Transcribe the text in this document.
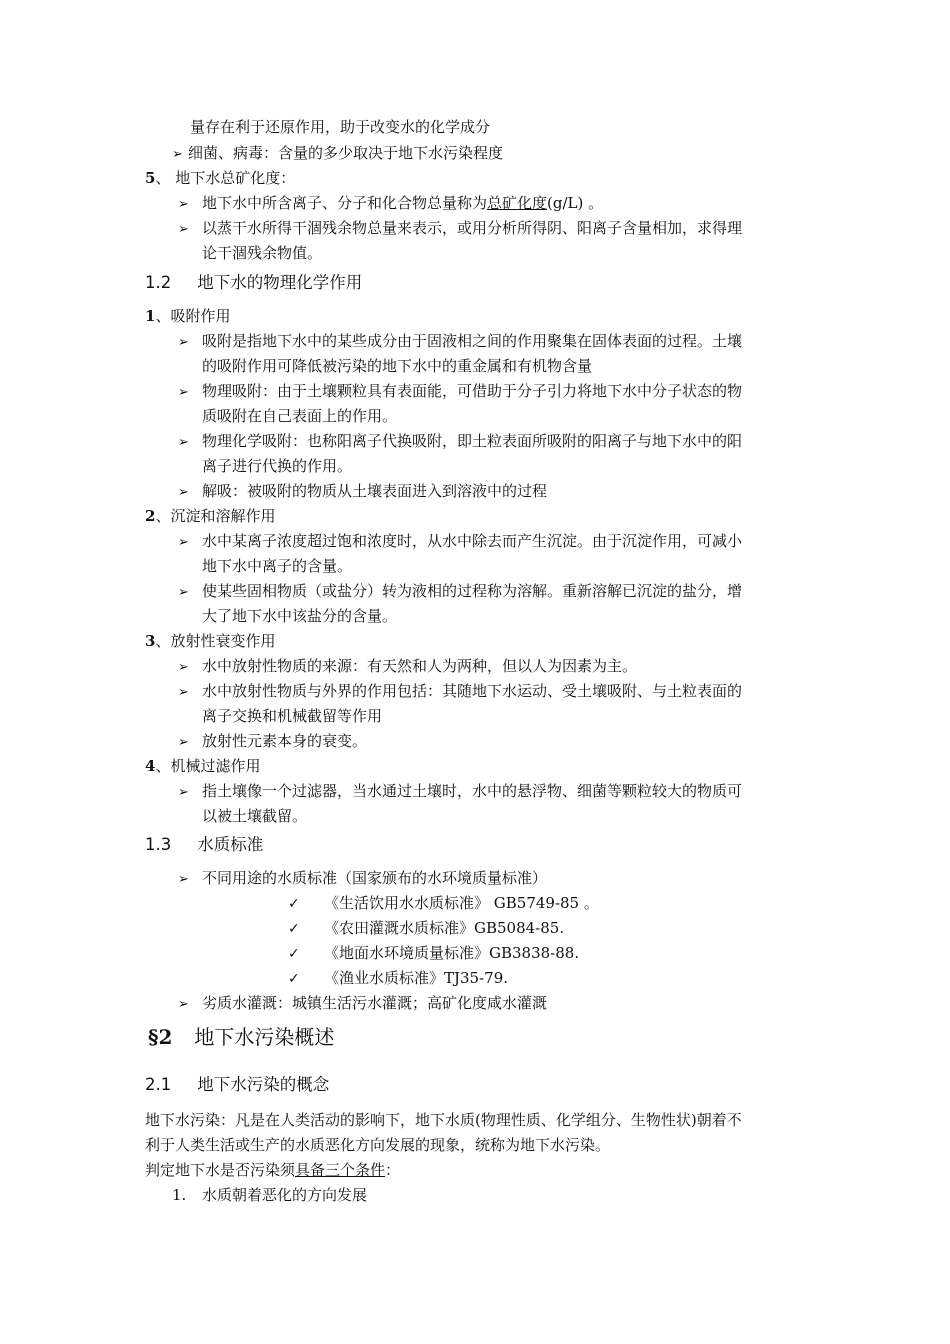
量存在利于还原作用，助于改变水的化学成分
➢ 细菌、病毒：含量的多少取决于地下水污染程度
5、 地下水总矿化度：
➢ 地下水中所含离子、分子和化合物总量称为总矿化度(g/L) 。
➢ 以蒸干水所得干涸残余物总量来表示，或用分析所得阴、阳离子含量相加，求得理
论干涸残余物值。
1.2 地下水的物理化学作用
1、吸附作用
➢ 吸附是指地下水中的某些成分由于固液相之间的作用聚集在固体表面的过程。土壤
的吸附作用可降低被污染的地下水中的重金属和有机物含量
➢ 物理吸附：由于土壤颗粒具有表面能，可借助于分子引力将地下水中分子状态的物
质吸附在自己表面上的作用。
➢ 物理化学吸附：也称阳离子代换吸附，即土粒表面所吸附的阳离子与地下水中的阳
离子进行代换的作用。
➢ 解吸：被吸附的物质从土壤表面进入到溶液中的过程
2、沉淀和溶解作用
➢ 水中某离子浓度超过饱和浓度时，从水中除去而产生沉淀。由于沉淀作用，可减小
地下水中离子的含量。
➢ 使某些固相物质（或盐分）转为液相的过程称为溶解。重新溶解已沉淀的盐分，增
大了地下水中该盐分的含量。
3、放射性衰变作用
➢ 水中放射性物质的来源：有天然和人为两种，但以人为因素为主。
➢ 水中放射性物质与外界的作用包括：其随地下水运动、受土壤吸附、与土粒表面的
离子交换和机械截留等作用
➢ 放射性元素本身的衰变。
4、机械过滤作用
➢ 指土壤像一个过滤器，当水通过土壤时，水中的悬浮物、细菌等颗粒较大的物质可
以被土壤截留。
1.3 水质标准
➢ 不同用途的水质标准（国家颁布的水环境质量标准）
✓ 《生活饮用水水质标准》 GB5749-85 。
✓ 《农田灌溉水质标准》GB5084-85.
✓ 《地面水环境质量标准》GB3838-88.
✓ 《渔业水质标准》TJ35-79.
➢ 劣质水灌溉：城镇生活污水灌溉；高矿化度咸水灌溉
§2 地下水污染概述
2.1 地下水污染的概念
地下水污染：凡是在人类活动的影响下，地下水质(物理性质、化学组分、生物性状)朝着不
利于人类生活或生产的水质恶化方向发展的现象，统称为地下水污染。
判定地下水是否污染须具备三个条件：
1. 水质朝着恶化的方向发展
